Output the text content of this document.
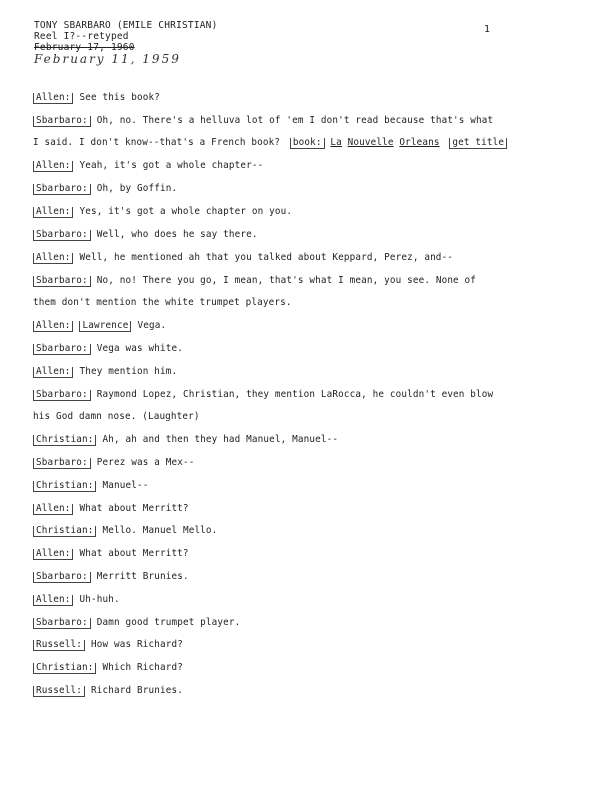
TONY SBARBARO (EMILE CHRISTIAN)
Reel I?--retyped
February 17, 1960
February 11, 1959
1
Allen: See this book?
Sbarbaro: Oh, no. There's a helluva lot of 'em I don't read because that's what
I said. I don't know--that's a French book? book: La Nouvelle Orleans get title
Allen: Yeah, it's got a whole chapter--
Sbarbaro: Oh, by Goffin.
Allen: Yes, it's got a whole chapter on you.
Sbarbaro: Well, who does he say there.
Allen: Well, he mentioned ah that you talked about Keppard, Perez, and--
Sbarbaro: No, no! There you go, I mean, that's what I mean, you see. None of
them don't mention the white trumpet players.
Allen: Lawrence Vega.
Sbarbaro: Vega was white.
Allen: They mention him.
Sbarbaro: Raymond Lopez, Christian, they mention LaRocca, he couldn't even blow
his God damn nose. (Laughter)
Christian: Ah, ah and then they had Manuel, Manuel--
Sbarbaro: Perez was a Mex--
Christian: Manuel--
Allen: What about Merritt?
Christian: Mello. Manuel Mello.
Allen: What about Merritt?
Sbarbaro: Merritt Brunies.
Allen: Uh-huh.
Sbarbaro: Damn good trumpet player.
Russell: How was Richard?
Christian: Which Richard?
Russell: Richard Brunies.
